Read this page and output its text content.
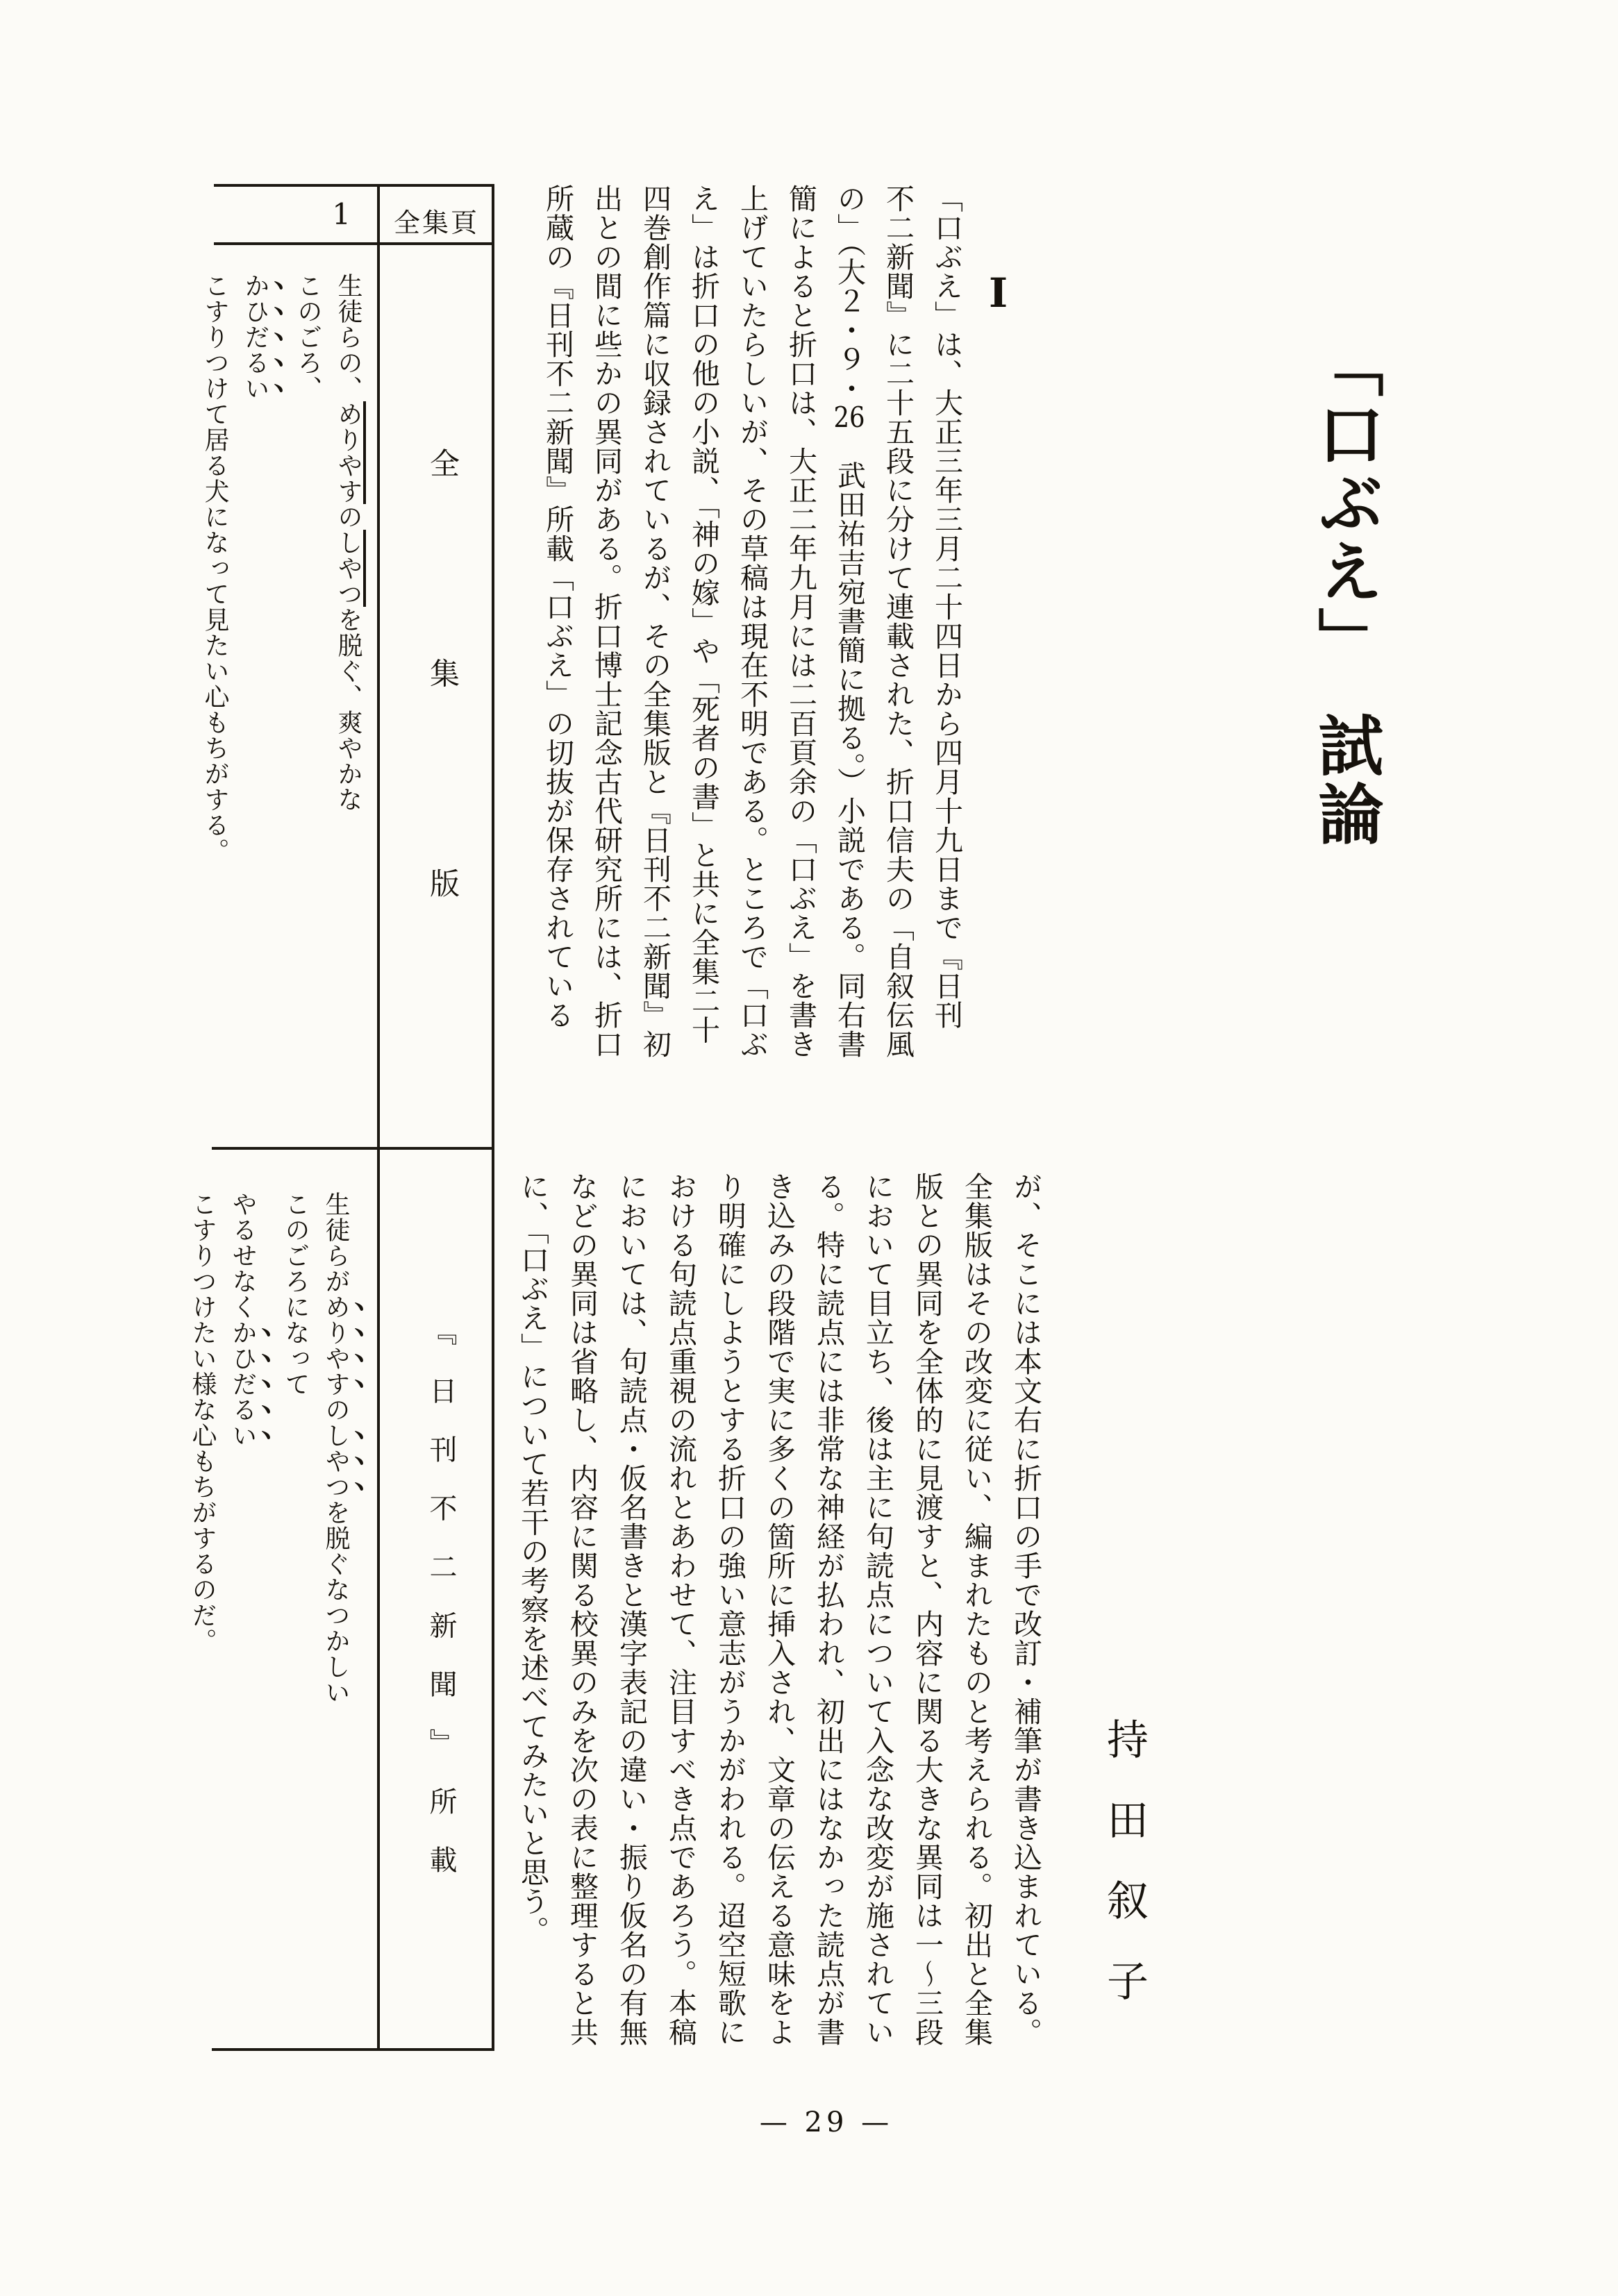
「口ぶえ」　試論
I
持田叙子
「口ぶえ」は、大正三年三月二十四日から四月十九日まで『日刊
不二新聞』に二十五段に分けて連載された、折口信夫の「自叙伝風
の」（大２・９・26　武田祐吉宛書簡に拠る。）小説である。同右書
簡によると折口は、大正二年九月には二百頁余の「口ぶえ」を書き
上げていたらしいが、その草稿は現在不明である。ところで「口ぶ
え」は折口の他の小説、「神の嫁」や「死者の書」と共に全集二十
四巻創作篇に収録されているが、その全集版と『日刊不二新聞』初
出との間に些かの異同がある。折口博士記念古代研究所には、折口
所蔵の『日刊不二新聞』所載「口ぶえ」の切抜が保存されている
が、そこには本文右に折口の手で改訂・補筆が書き込まれている。
全集版はその改変に従い、編まれたものと考えられる。初出と全集
版との異同を全体的に見渡すと、内容に関る大きな異同は一〜三段
において目立ち、後は主に句読点について入念な改変が施されてい
る。特に読点には非常な神経が払われ、初出にはなかった読点が書
き込みの段階で実に多くの箇所に挿入され、文章の伝える意味をよ
り明確にしようとする折口の強い意志がうかがわれる。迢空短歌に
おける句読点重視の流れとあわせて、注目すべき点であろう。本稿
においては、句読点・仮名書きと漢字表記の違い・振り仮名の有無
などの異同は省略し、内容に関る校異のみを次の表に整理すると共
に、「口ぶえ」について若干の考察を述べてみたいと思う。
全集頁
1
全集版
『日刊不二新聞』所載
生徒らの、めりやすのしやつを脱ぐ、爽やかな
このごろ、
かひだるい
こすりつけて居る犬になって見たい心もちがする。
生徒らがめりやすのしやつを脱ぐなつかしい
このごろになって
やるせなくかひだるい
こすりつけたい様な心もちがするのだ。
— 29 —
